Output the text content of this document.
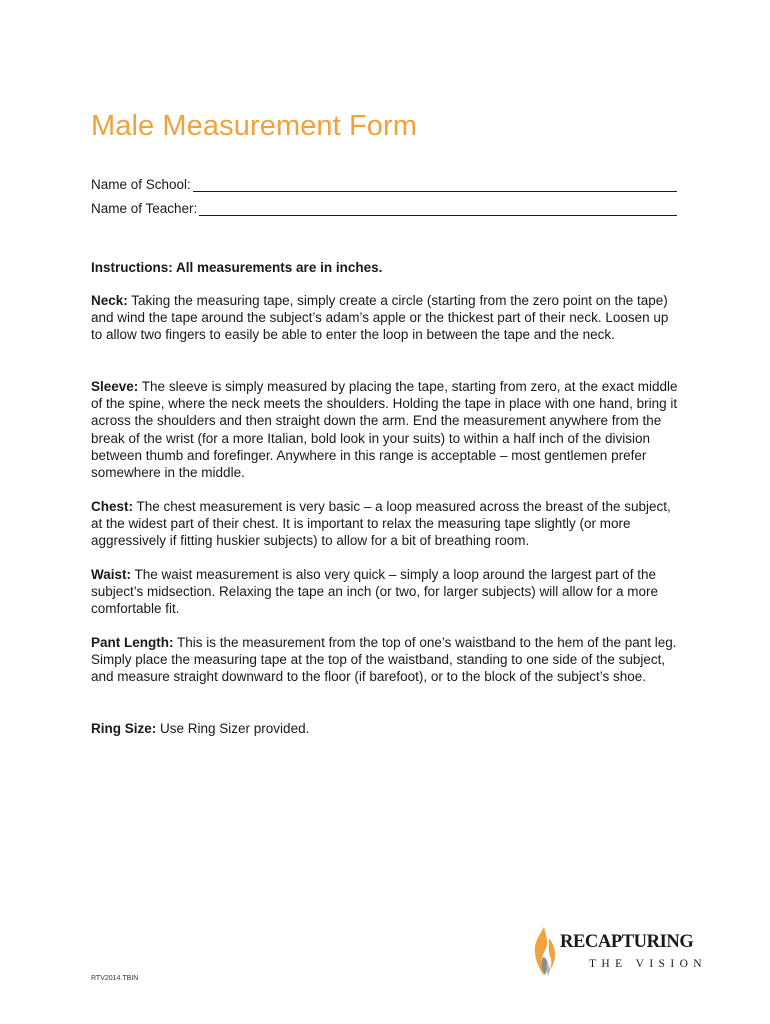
Male Measurement Form
Name of School:
Name of Teacher:
Instructions: All measurements are in inches.

Neck: Taking the measuring tape, simply create a circle (starting from the zero point on the tape) and wind the tape around the subject’s adam’s apple or the thickest part of their neck. Loosen up to allow two fingers to easily be able to enter the loop in between the tape and the neck.

Sleeve: The sleeve is simply measured by placing the tape, starting from zero, at the exact middle of the spine, where the neck meets the shoulders. Holding the tape in place with one hand, bring it across the shoulders and then straight down the arm. End the measurement anywhere from the break of the wrist (for a more Italian, bold look in your suits) to within a half inch of the division between thumb and forefinger. Anywhere in this range is acceptable – most gentlemen prefer somewhere in the middle.

Chest: The chest measurement is very basic – a loop measured across the breast of the subject, at the widest part of their chest. It is important to relax the measuring tape slightly (or more aggressively if fitting huskier subjects) to allow for a bit of breathing room.

Waist: The waist measurement is also very quick – simply a loop around the largest part of the subject’s midsection. Relaxing the tape an inch (or two, for larger subjects) will allow for a more comfortable fit.

Pant Length: This is the measurement from the top of one’s waistband to the hem of the pant leg. Simply place the measuring tape at the top of the waistband, standing to one side of the subject, and measure straight downward to the floor (if barefoot), or to the block of the subject’s shoe.

Ring Size: Use Ring Sizer provided.

RTV2014.TBIN
RECAPTURING
THE VISION
